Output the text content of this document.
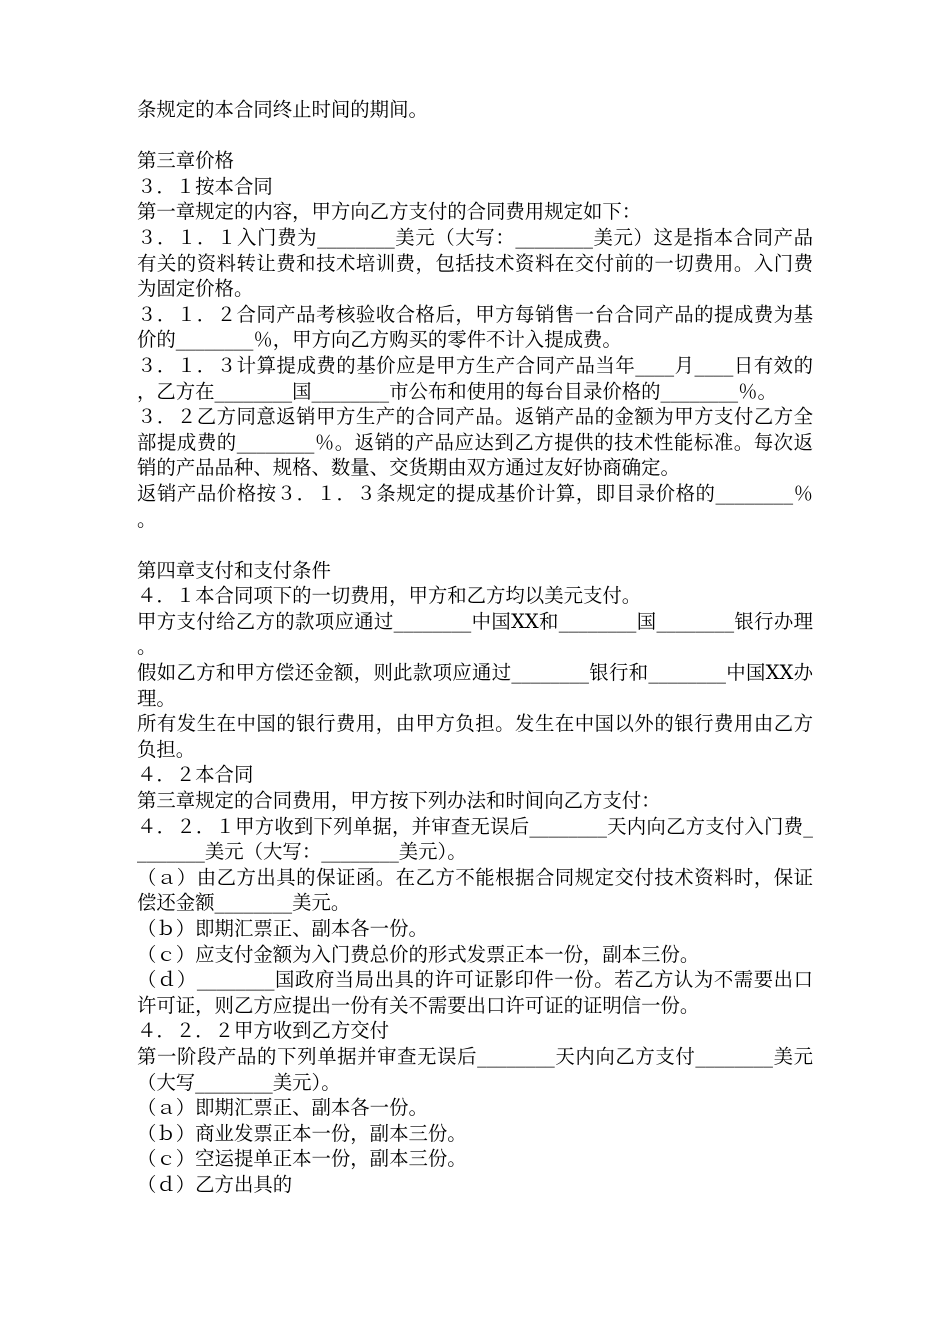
条规定的本合同终止时间的期间。

第三章价格

３．１按本合同

第一章规定的内容，甲方向乙方支付的合同费用规定如下：

３．１．１入门费为________美元（大写：________美元）这是指本合同产品有关的资料转让费和技术培训费，包括技术资料在交付前的一切费用。入门费为固定价格。

３．１．２合同产品考核验收合格后，甲方每销售一台合同产品的提成费为基价的________％，甲方向乙方购买的零件不计入提成费。

３．１．３计算提成费的基价应是甲方生产合同产品当年____月____日有效的，乙方在________国________市公布和使用的每台目录价格的________％。

３．２乙方同意返销甲方生产的合同产品。返销产品的金额为甲方支付乙方全部提成费的________％。返销的产品应达到乙方提供的技术性能标准。每次返销的产品品种、规格、数量、交货期由双方通过友好协商确定。

返销产品价格按３．１．３条规定的提成基价计算，即目录价格的________％。

第四章支付和支付条件

４．１本合同项下的一切费用，甲方和乙方均以美元支付。

甲方支付给乙方的款项应通过________中国XX和________国________银行办理。

假如乙方和甲方偿还金额，则此款项应通过________银行和________中国XX办理。

所有发生在中国的银行费用，由甲方负担。发生在中国以外的银行费用由乙方负担。

４．２本合同

第三章规定的合同费用，甲方按下列办法和时间向乙方支付：

４．２．１甲方收到下列单据，并审查无误后________天内向乙方支付入门费________美元（大写：________美元）。

（ａ）由乙方出具的保证函。在乙方不能根据合同规定交付技术资料时，保证偿还金额________美元。

（ｂ）即期汇票正、副本各一份。

（ｃ）应支付金额为入门费总价的形式发票正本一份，副本三份。

（ｄ）________国政府当局出具的许可证影印件一份。若乙方认为不需要出口许可证，则乙方应提出一份有关不需要出口许可证的证明信一份。

４．２．２甲方收到乙方交付

第一阶段产品的下列单据并审查无误后________天内向乙方支付________美元（大写________美元）。

（ａ）即期汇票正、副本各一份。

（ｂ）商业发票正本一份，副本三份。

（ｃ）空运提单正本一份，副本三份。

（ｄ）乙方出具的
